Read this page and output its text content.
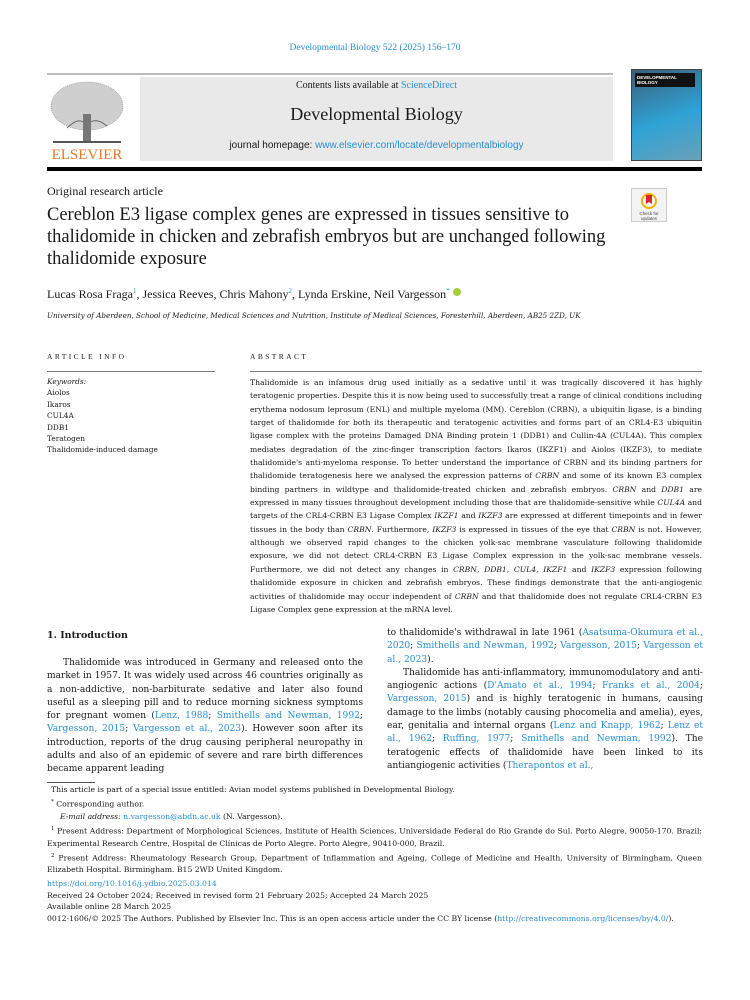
Developmental Biology 522 (2025) 156–170
ELSEVIER
Contents lists available at ScienceDirect
Developmental Biology
journal homepage: www.elsevier.com/locate/developmentalbiology
DEVELOPMENTAL BIOLOGY
Original research article
Cereblon E3 ligase complex genes are expressed in tissues sensitive to thalidomide in chicken and zebrafish embryos but are unchanged following thalidomide exposure
Check for updates
Lucas Rosa Fraga$^1$, Jessica Reeves, Chris Mahony$^2$, Lynda Erskine, Neil Vargesson*
University of Aberdeen, School of Medicine, Medical Sciences and Nutrition, Institute of Medical Sciences, Foresterhill, Aberdeen, AB25 2ZD, UK
ARTICLE INFO	ABSTRACT
Keywords:
Aiolos
Ikaros
CUL4A
DDB1
Teratogen
Thalidomide-induced damage
Thalidomide is an infamous drug used initially as a sedative until it was tragically discovered it has highly teratogenic properties. Despite this it is now being used to successfully treat a range of clinical conditions including erythema nodosum leprosum (ENL) and multiple myeloma (MM). Cereblon (CRBN), a ubiquitin ligase, is a binding target of thalidomide for both its therapeutic and teratogenic activities and forms part of an CRL4-E3 ubiquitin ligase complex with the proteins Damaged DNA Binding protein 1 (DDB1) and Cullin-4A (CUL4A). This complex mediates degradation of the zinc-finger transcription factors Ikaros (IKZF1) and Aiolos (IKZF3), to mediate thalidomide's anti-myeloma response. To better understand the importance of CRBN and its binding partners for thalidomide teratogenesis here we analysed the expression patterns of CRBN and some of its known E3 complex binding partners in wildtype and thalidomide-treated chicken and zebrafish embryos. CRBN and DDB1 are expressed in many tissues throughout development including those that are thalidomide-sensitive while CUL4A and targets of the CRL4-CRBN E3 Ligase Complex IKZF1 and IKZF3 are expressed at different timepoints and in fewer tissues in the body than CRBN. Furthermore, IKZF3 is expressed in tissues of the eye that CRBN is not. However, although we observed rapid changes to the chicken yolk-sac membrane vasculature following thalidomide exposure, we did not detect CRL4-CRBN E3 Ligase Complex expression in the yolk-sac membrane vessels. Furthermore, we did not detect any changes in CRBN, DDB1, CUL4, IKZF1 and IKZF3 expression following thalidomide exposure in chicken and zebrafish embryos. These findings demonstrate that the anti-angiogenic activities of thalidomide may occur independent of CRBN and that thalidomide does not regulate CRL4-CRBN E3 Ligase Complex gene expression at the mRNA level.
1. Introduction

Thalidomide was introduced in Germany and released onto the market in 1957. It was widely used across 46 countries originally as a non-addictive, non-barbiturate sedative and later also found useful as a sleeping pill and to reduce morning sickness symptoms for pregnant women (Lenz, 1988; Smithells and Newman, 1992; Vargesson, 2015; Vargesson et al., 2023). However soon after its introduction, reports of the drug causing peripheral neuropathy in adults and also of an epidemic of severe and rare birth differences became apparent leading

to thalidomide's withdrawal in late 1961 (Asatsuma-Okumura et al., 2020; Smithells and Newman, 1992; Vargesson, 2015; Vargesson et al., 2023).

Thalidomide has anti-inflammatory, immunomodulatory and anti-angiogenic actions (D'Amato et al., 1994; Franks et al., 2004; Vargesson, 2015) and is highly teratogenic in humans, causing damage to the limbs (notably causing phocomelia and amelia), eyes, ear, genitalia and internal organs (Lenz and Knapp, 1962; Lenz et al., 1962; Ruffing, 1977; Smithells and Newman, 1992). The teratogenic effects of thalidomide have been linked to its antiangiogenic activities (Therapontos et al.,

This article is part of a special issue entitled: Avian model systems published in Developmental Biology.
* Corresponding author.
E-mail address: n.vargesson@abdn.ac.uk (N. Vargesson).
$^1$ Present Address: Department of Morphological Sciences, Institute of Health Sciences, Universidade Federal do Rio Grande do Sul. Porto Alegre, 90050-170. Brazil; Experimental Research Centre, Hospital de Clínicas de Porto Alegre. Porto Alegre, 90410-000, Brazil.
$^2$ Present Address: Rheumatology Research Group, Department of Inflammation and Ageing, College of Medicine and Health, University of Birmingham, Queen Elizabeth Hospital. Birmingham. B15 2WD United Kingdom.
https://doi.org/10.1016/j.ydbio.2025.03.014
Received 24 October 2024; Received in revised form 21 February 2025; Accepted 24 March 2025
Available online 28 March 2025
0012-1606/© 2025 The Authors. Published by Elsevier Inc. This is an open access article under the CC BY license (http://creativecommons.org/licenses/by/4.0/).
